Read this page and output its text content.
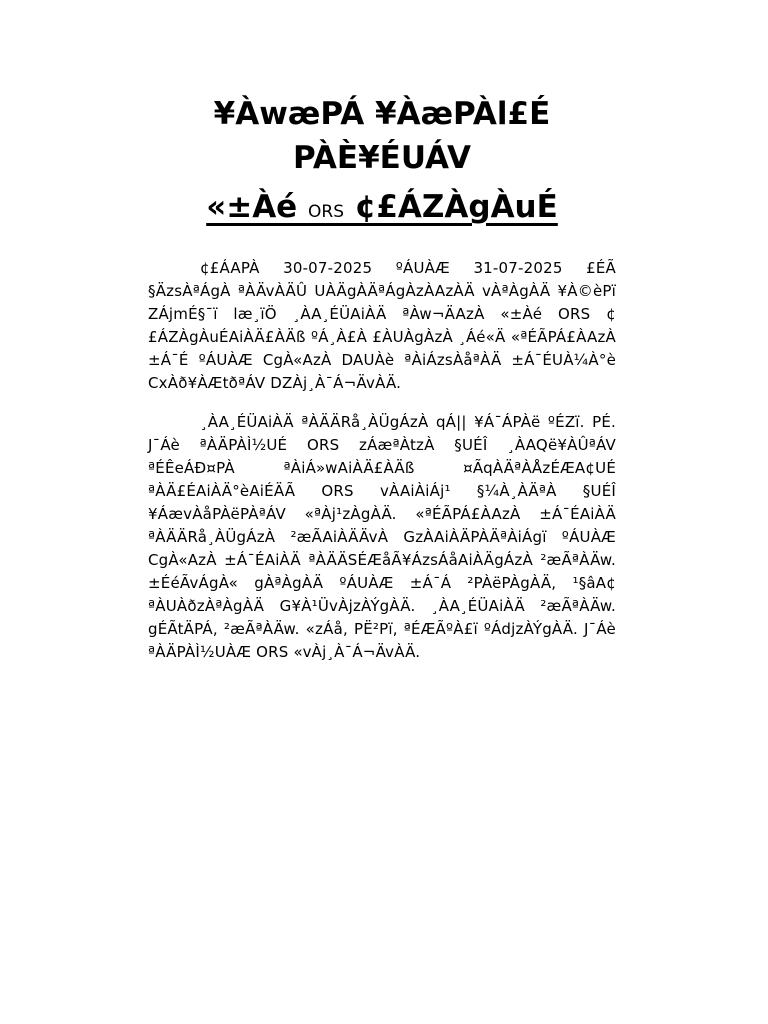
¥ÀwæPÁ ¥ÀæPÀl£É PÀÈ¥ÉUÁV
«±Àé ORS ¢£ÁZÀgÀuÉ

¢£ÁAPÀ 30-07-2025 ºÁUÀÆ 31-07-2025 £ÉÃ §ÄzsÀªÁgÀ ªÀÄvÀÄÛ UÀÄgÀÄªÁgÀzÀAzÀÄ vÀªÀgÀÄ ¥À©èPï ZÁjmÉ§¯ï læ¸ïÖ ¸ÀA¸ÉÜAiÀÄ ªÀw¬ÄAzÀ «±Àé ORS ¢£ÁZÀgÀuÉAiÀÄ£ÀÄß ºÁ¸À£À £ÀUÀgÀzÀ ¸Áé«Ä «ªÉÃPÁ£ÀAzÀ ±Á¯É ºÁUÀÆ CgÀ«AzÀ DAUÀè ªÀiÁzsÀåªÀÄ ±Á¯ÉUÀ¼À°è CxÀð¥ÀÆtðªÁV DZÀj¸À¯Á¬ÄvÀÄ.

¸ÀA¸ÉÜAiÀÄ ªÀÄÄRå¸ÀÜgÁzÀ qÁ|| ¥Á¯ÁPÀë ºÉZï. PÉ. J¯Áè ªÀÄPÀÌ½UÉ ORS zÁæªÀtzÀ §UÉÎ ¸ÀAQë¥ÀÛªÁV ªÉÊeÁÐ¤PÀ ªÀiÁ»wAiÀÄ£ÀÄß ¤ÃqÀÄªÀÅzÉÆA¢UÉ ªÀÄ£ÉAiÀÄ°èAiÉÄÃ ORS vÀAiÀiÁj¹ §¼À¸ÀÄªÀ §UÉÎ ¥ÁævÀåPÀëPÀªÁV «ªÀj¹zÀgÀÄ. «ªÉÃPÁ£ÀAzÀ ±Á¯ÉAiÀÄ ªÀÄÄRå¸ÀÜgÁzÀ ²æÃAiÀÄÄvÀ GzÀAiÀÄPÀÄªÀiÁgï ºÁUÀÆ CgÀ«AzÀ ±Á¯ÉAiÀÄ ªÀÄÄSÉÆåÃ¥ÁzsÁåAiÀÄgÁzÀ ²æÃªÀÄw. ±ÉéÃvÁgÀ« gÀªÀgÀÄ ºÁUÀÆ ±Á¯Á ²PÀëPÀgÀÄ, ¹§âA¢ ªÀUÀðzÀªÀgÀÄ G¥À¹ÜvÀjzÀÝgÀÄ. ¸ÀA¸ÉÜAiÀÄ ²æÃªÀÄw. gÉÃtÄPÁ, ²æÃªÀÄw. «zÁå, PË²Pï, ªÉÆÃºÀ£ï ºÁdjzÀÝgÀÄ. J¯Áè ªÀÄPÀÌ½UÀÆ ORS «vÀj¸À¯Á¬ÄvÀÄ.
